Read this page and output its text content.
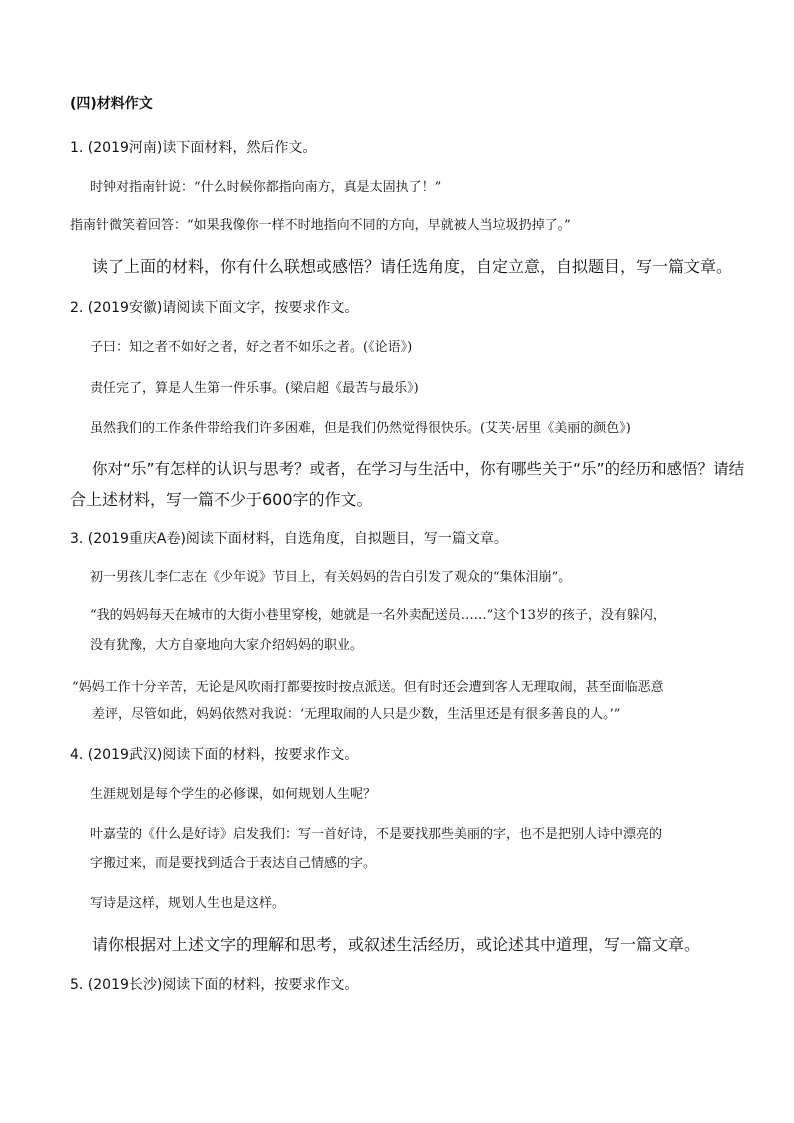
(四)材料作文
1. (2019河南)读下面材料，然后作文。
时钟对指南针说：“什么时候你都指向南方，真是太固执了！”
指南针微笑着回答：“如果我像你一样不时地指向不同的方向，早就被人当垃圾扔掉了。”
读了上面的材料，你有什么联想或感悟？请任选角度，自定立意，自拟题目，写一篇文章。
2. (2019安徽)请阅读下面文字，按要求作文。
子曰：知之者不如好之者，好之者不如乐之者。(《论语》)
责任完了，算是人生第一件乐事。(梁启超《最苦与最乐》)
虽然我们的工作条件带给我们许多困难，但是我们仍然觉得很快乐。(艾芙·居里《美丽的颜色》)
你对“乐”有怎样的认识与思考？或者，在学习与生活中，你有哪些关于“乐”的经历和感悟？请结
合上述材料，写一篇不少于600字的作文。
3. (2019重庆A卷)阅读下面材料，自选角度，自拟题目，写一篇文章。
初一男孩儿李仁志在《少年说》节目上，有关妈妈的告白引发了观众的“集体泪崩”。
“我的妈妈每天在城市的大街小巷里穿梭，她就是一名外卖配送员……”这个13岁的孩子，没有躲闪，
没有犹豫，大方自豪地向大家介绍妈妈的职业。
“妈妈工作十分辛苦，无论是风吹雨打都要按时按点派送。但有时还会遭到客人无理取闹，甚至面临恶意
差评，尽管如此，妈妈依然对我说：‘无理取闹的人只是少数，生活里还是有很多善良的人。’”
4. (2019武汉)阅读下面的材料，按要求作文。
生涯规划是每个学生的必修课，如何规划人生呢？
叶嘉莹的《什么是好诗》启发我们：写一首好诗，不是要找那些美丽的字，也不是把别人诗中漂亮的
字搬过来，而是要找到适合于表达自己情感的字。
写诗是这样，规划人生也是这样。
请你根据对上述文字的理解和思考，或叙述生活经历，或论述其中道理，写一篇文章。
5. (2019长沙)阅读下面的材料，按要求作文。
